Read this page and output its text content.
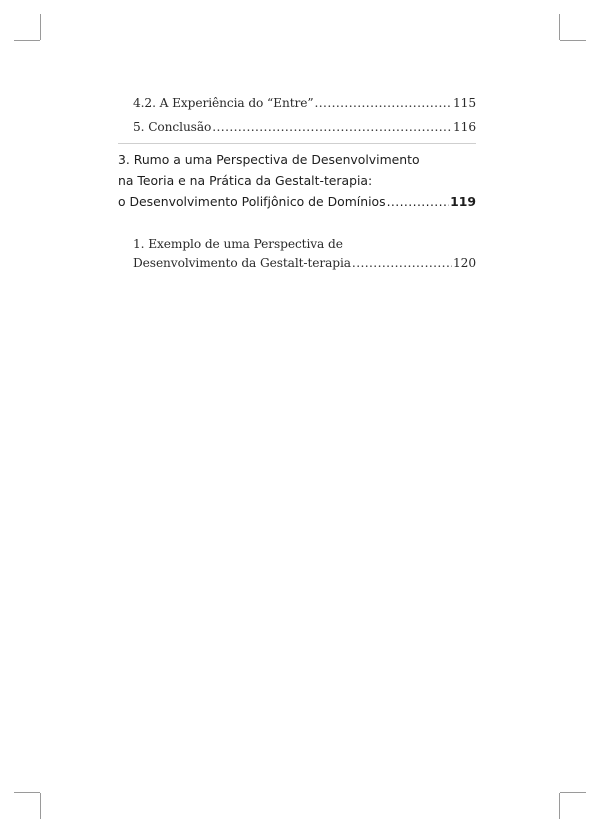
4.2. A Experiência do “Entre” .....	115
5. Conclusão .....	116
3. Rumo a uma Perspectiva de Desenvolvimento
na Teoria e na Prática da Gestalt-terapia:
o Desenvolvimento Polifjônico de Domínios .....	119
1. Exemplo de uma Perspectiva de
Desenvolvimento da Gestalt-terapia .....	120
